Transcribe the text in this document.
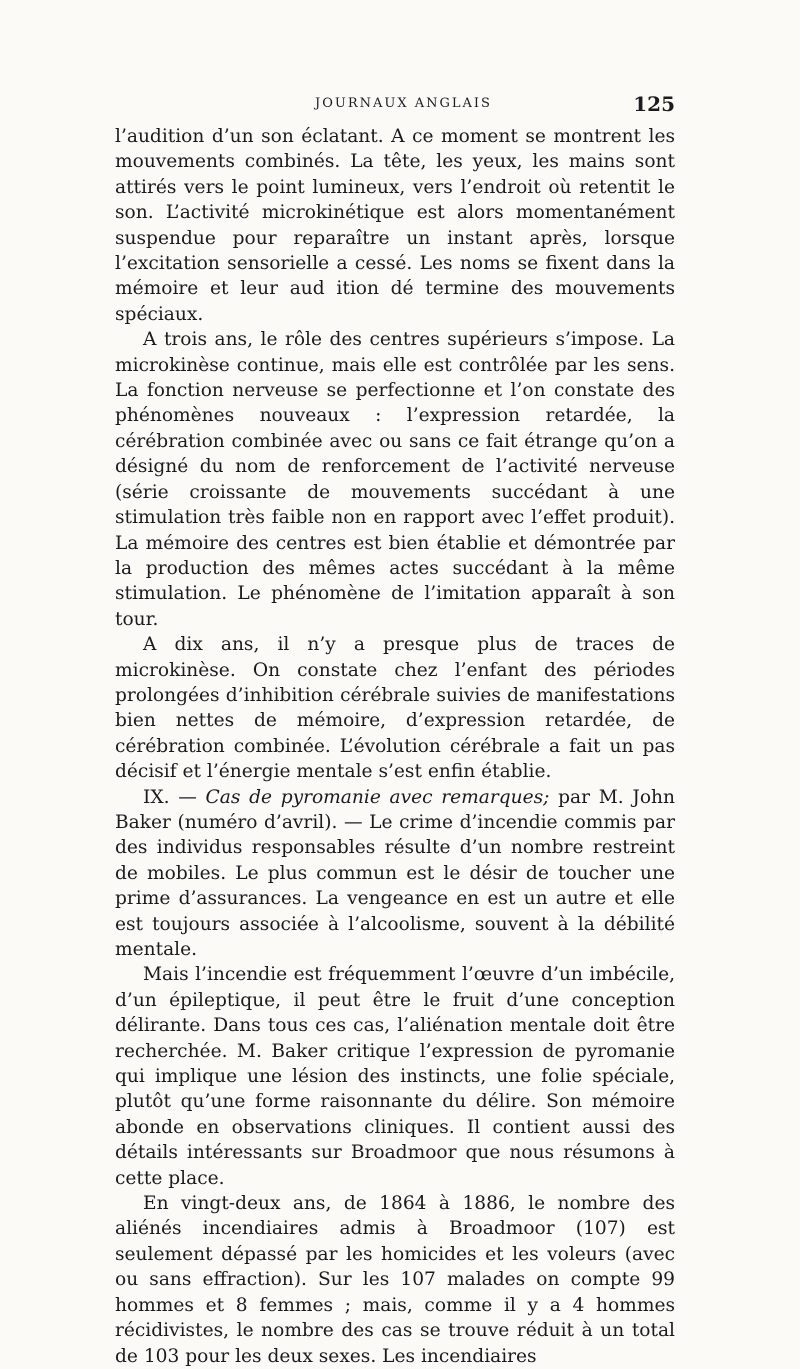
JOURNAUX ANGLAIS	125

l’audition d’un son éclatant. A ce moment se montrent les mouvements combinés. La tête, les yeux, les mains sont attirés vers le point lumineux, vers l’endroit où retentit le son. L’activité microkinétique est alors momentanément suspendue pour reparaître un instant après, lorsque l’excitation sensorielle a cessé. Les noms se fixent dans la mémoire et leur aud ition dé termine des mouvements spéciaux.

A trois ans, le rôle des centres supérieurs s’impose. La microkinèse continue, mais elle est contrôlée par les sens. La fonction nerveuse se perfectionne et l’on constate des phénomènes nouveaux : l’expression retardée, la cérébration combinée avec ou sans ce fait étrange qu’on a désigné du nom de renforcement de l’activité nerveuse (série croissante de mouvements succédant à une stimulation très faible non en rapport avec l’effet produit). La mémoire des centres est bien établie et démontrée par la production des mêmes actes succédant à la même stimulation. Le phénomène de l’imitation apparaît à son tour.

A dix ans, il n’y a presque plus de traces de microkinèse. On constate chez l’enfant des périodes prolongées d’inhibition cérébrale suivies de manifestations bien nettes de mémoire, d’expression retardée, de cérébration combinée. L’évolution cérébrale a fait un pas décisif et l’énergie mentale s’est enfin établie.

IX. — Cas de pyromanie avec remarques; par M. John Baker (numéro d’avril). — Le crime d’incendie commis par des individus responsables résulte d’un nombre restreint de mobiles. Le plus commun est le désir de toucher une prime d’assurances. La vengeance en est un autre et elle est toujours associée à l’alcoolisme, souvent à la débilité mentale.

Mais l’incendie est fréquemment l’œuvre d’un imbécile, d’un épileptique, il peut être le fruit d’une conception délirante. Dans tous ces cas, l’aliénation mentale doit être recherchée. M. Baker critique l’expression de pyromanie qui implique une lésion des instincts, une folie spéciale, plutôt qu’une forme raisonnante du délire. Son mémoire abonde en observations cliniques. Il contient aussi des détails intéressants sur Broadmoor que nous résumons à cette place.

En vingt-deux ans, de 1864 à 1886, le nombre des aliénés incendiaires admis à Broadmoor (107) est seulement dépassé par les homicides et les voleurs (avec ou sans effraction). Sur les 107 malades on compte 99 hommes et 8 femmes ; mais, comme il y a 4 hommes récidivistes, le nombre des cas se trouve réduit à un total de 103 pour les deux sexes. Les incendiaires
